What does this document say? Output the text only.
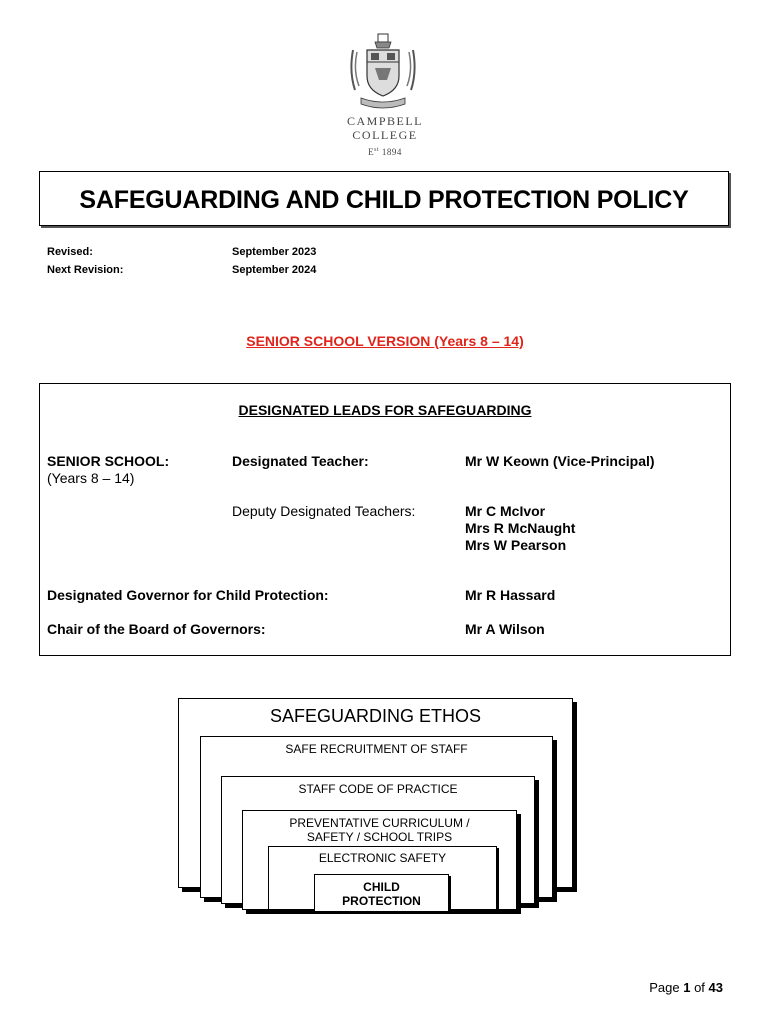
CAMPBELL
COLLEGE
$E^{st}$ 1894
SAFEGUARDING AND CHILD PROTECTION POLICY
Revised:	September 2023
Next Revision:	September 2024
SENIOR SCHOOL VERSION (Years 8 – 14)
DESIGNATED LEADS FOR SAFEGUARDING
SENIOR SCHOOL:
(Years 8 – 14)
Designated Teacher:	Mr W Keown (Vice-Principal)
Deputy Designated Teachers:	Mr C McIvor
Mrs R McNaught
Mrs W Pearson
Designated Governor for Child Protection:	Mr R Hassard
Chair of the Board of Governors:	Mr A Wilson
SAFEGUARDING ETHOS
SAFE RECRUITMENT OF STAFF
STAFF CODE OF PRACTICE
PREVENTATIVE CURRICULUM /
SAFETY / SCHOOL TRIPS
ELECTRONIC SAFETY
CHILD
PROTECTION
Page 1 of 43
